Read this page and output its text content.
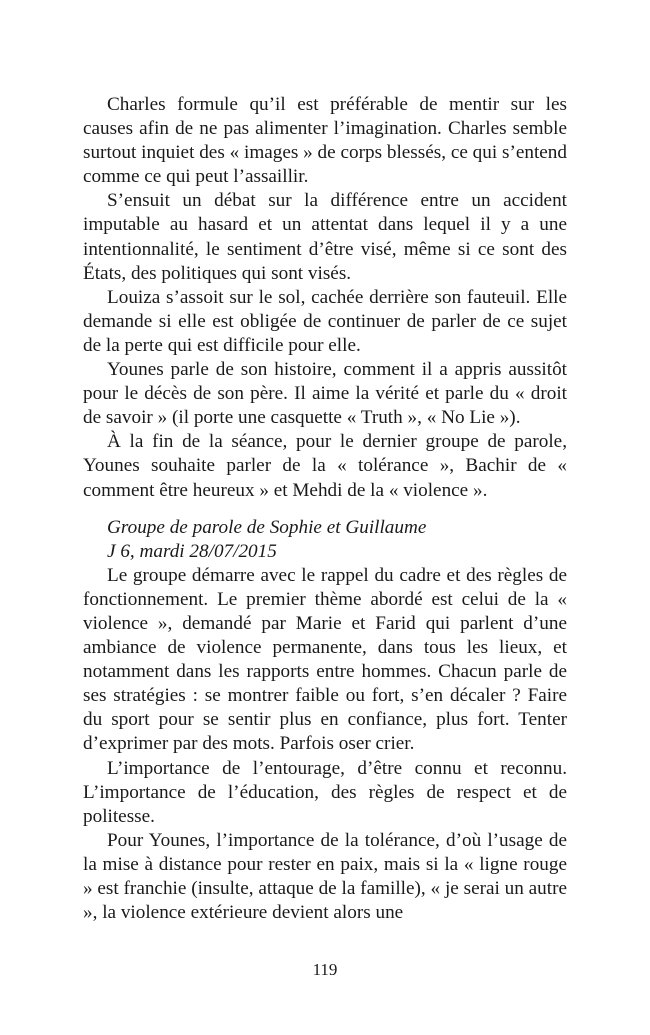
Charles formule qu’il est préférable de mentir sur les causes afin de ne pas alimenter l’imagination. Charles semble surtout inquiet des « images » de corps blessés, ce qui s’entend comme ce qui peut l’assaillir.

S’ensuit un débat sur la différence entre un accident imputable au hasard et un attentat dans lequel il y a une intentionnalité, le sentiment d’être visé, même si ce sont des États, des politiques qui sont visés.

Louiza s’assoit sur le sol, cachée derrière son fauteuil. Elle demande si elle est obligée de continuer de parler de ce sujet de la perte qui est difficile pour elle.

Younes parle de son histoire, comment il a appris aussitôt pour le décès de son père. Il aime la vérité et parle du « droit de savoir » (il porte une casquette « Truth », « No Lie »).

À la fin de la séance, pour le dernier groupe de parole, Younes souhaite parler de la « tolérance », Bachir de « comment être heureux » et Mehdi de la « violence ».

Groupe de parole de Sophie et Guillaume

J 6, mardi 28/07/2015

Le groupe démarre avec le rappel du cadre et des règles de fonctionnement. Le premier thème abordé est celui de la « violence », demandé par Marie et Farid qui parlent d’une ambiance de violence permanente, dans tous les lieux, et notamment dans les rapports entre hommes. Chacun parle de ses stratégies : se montrer faible ou fort, s’en décaler ? Faire du sport pour se sentir plus en confiance, plus fort. Tenter d’exprimer par des mots. Parfois oser crier.

L’importance de l’entourage, d’être connu et reconnu. L’importance de l’éducation, des règles de respect et de politesse.

Pour Younes, l’importance de la tolérance, d’où l’usage de la mise à distance pour rester en paix, mais si la « ligne rouge » est franchie (insulte, attaque de la famille), « je serai un autre », la violence extérieure devient alors une

119
